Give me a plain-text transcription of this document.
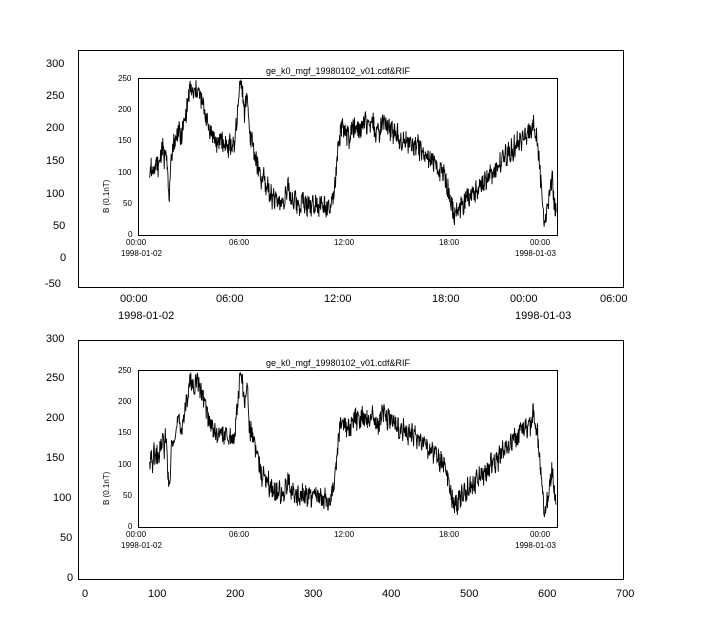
300
250
200
150
100
50
0
-50
00:00
1998-01-02
06:00	12:00	18:00	00:00
1998-01-03
06:00
ge_k0_mgf_19980102_v01.cdf&RIF
B (0.1nT)
250
200
150
100
50
0
00:00
1998-01-02
06:00	12:00	18:00	00:00
1998-01-03
300
250
200
150
100
50
0
0	100	200	300	400	500	600	700
ge_k0_mgf_19980102_v01.cdf&RIF
B (0.1nT)
250
200
150
100
50
0
00:00
1998-01-02
06:00	12:00	18:00	00:00
1998-01-03
